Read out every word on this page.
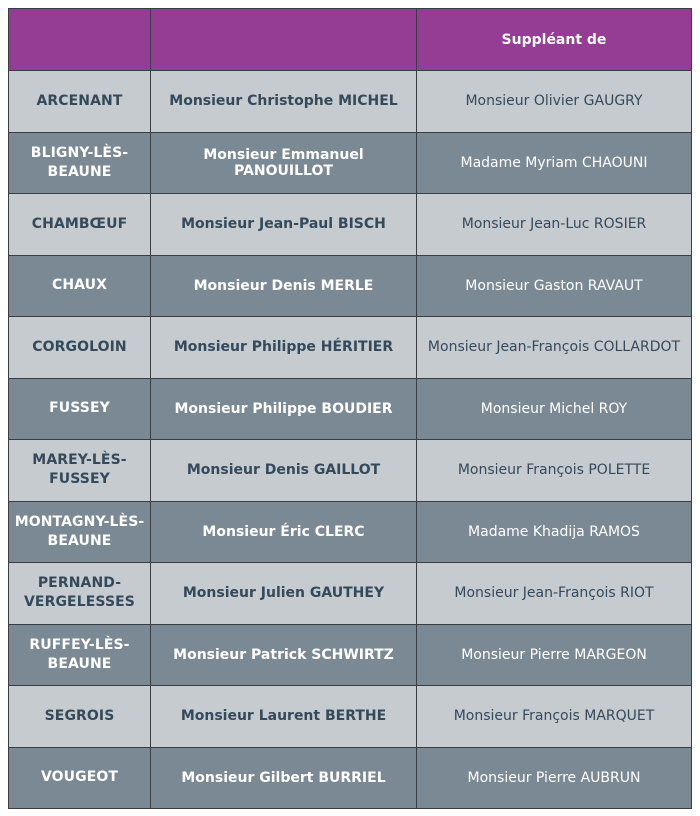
		Suppléant de
ARCENANT	Monsieur Christophe MICHEL	Monsieur Olivier GAUGRY
BLIGNY-LÈS-BEAUNE	Monsieur Emmanuel PANOUILLOT	Madame Myriam CHAOUNI
CHAMBŒUF	Monsieur Jean-Paul BISCH	Monsieur Jean-Luc ROSIER
CHAUX	Monsieur Denis MERLE	Monsieur Gaston RAVAUT
CORGOLOIN	Monsieur Philippe HÉRITIER	Monsieur Jean-François COLLARDOT
FUSSEY	Monsieur Philippe BOUDIER	Monsieur Michel ROY
MAREY-LÈS-FUSSEY	Monsieur Denis GAILLOT	Monsieur François POLETTE
MONTAGNY-LÈS-BEAUNE	Monsieur Éric CLERC	Madame Khadija RAMOS
PERNAND-VERGELESSES	Monsieur Julien GAUTHEY	Monsieur Jean-François RIOT
RUFFEY-LÈS-BEAUNE	Monsieur Patrick SCHWIRTZ	Monsieur Pierre MARGEON
SEGROIS	Monsieur Laurent BERTHE	Monsieur François MARQUET
VOUGEOT	Monsieur Gilbert BURRIEL	Monsieur Pierre AUBRUN
